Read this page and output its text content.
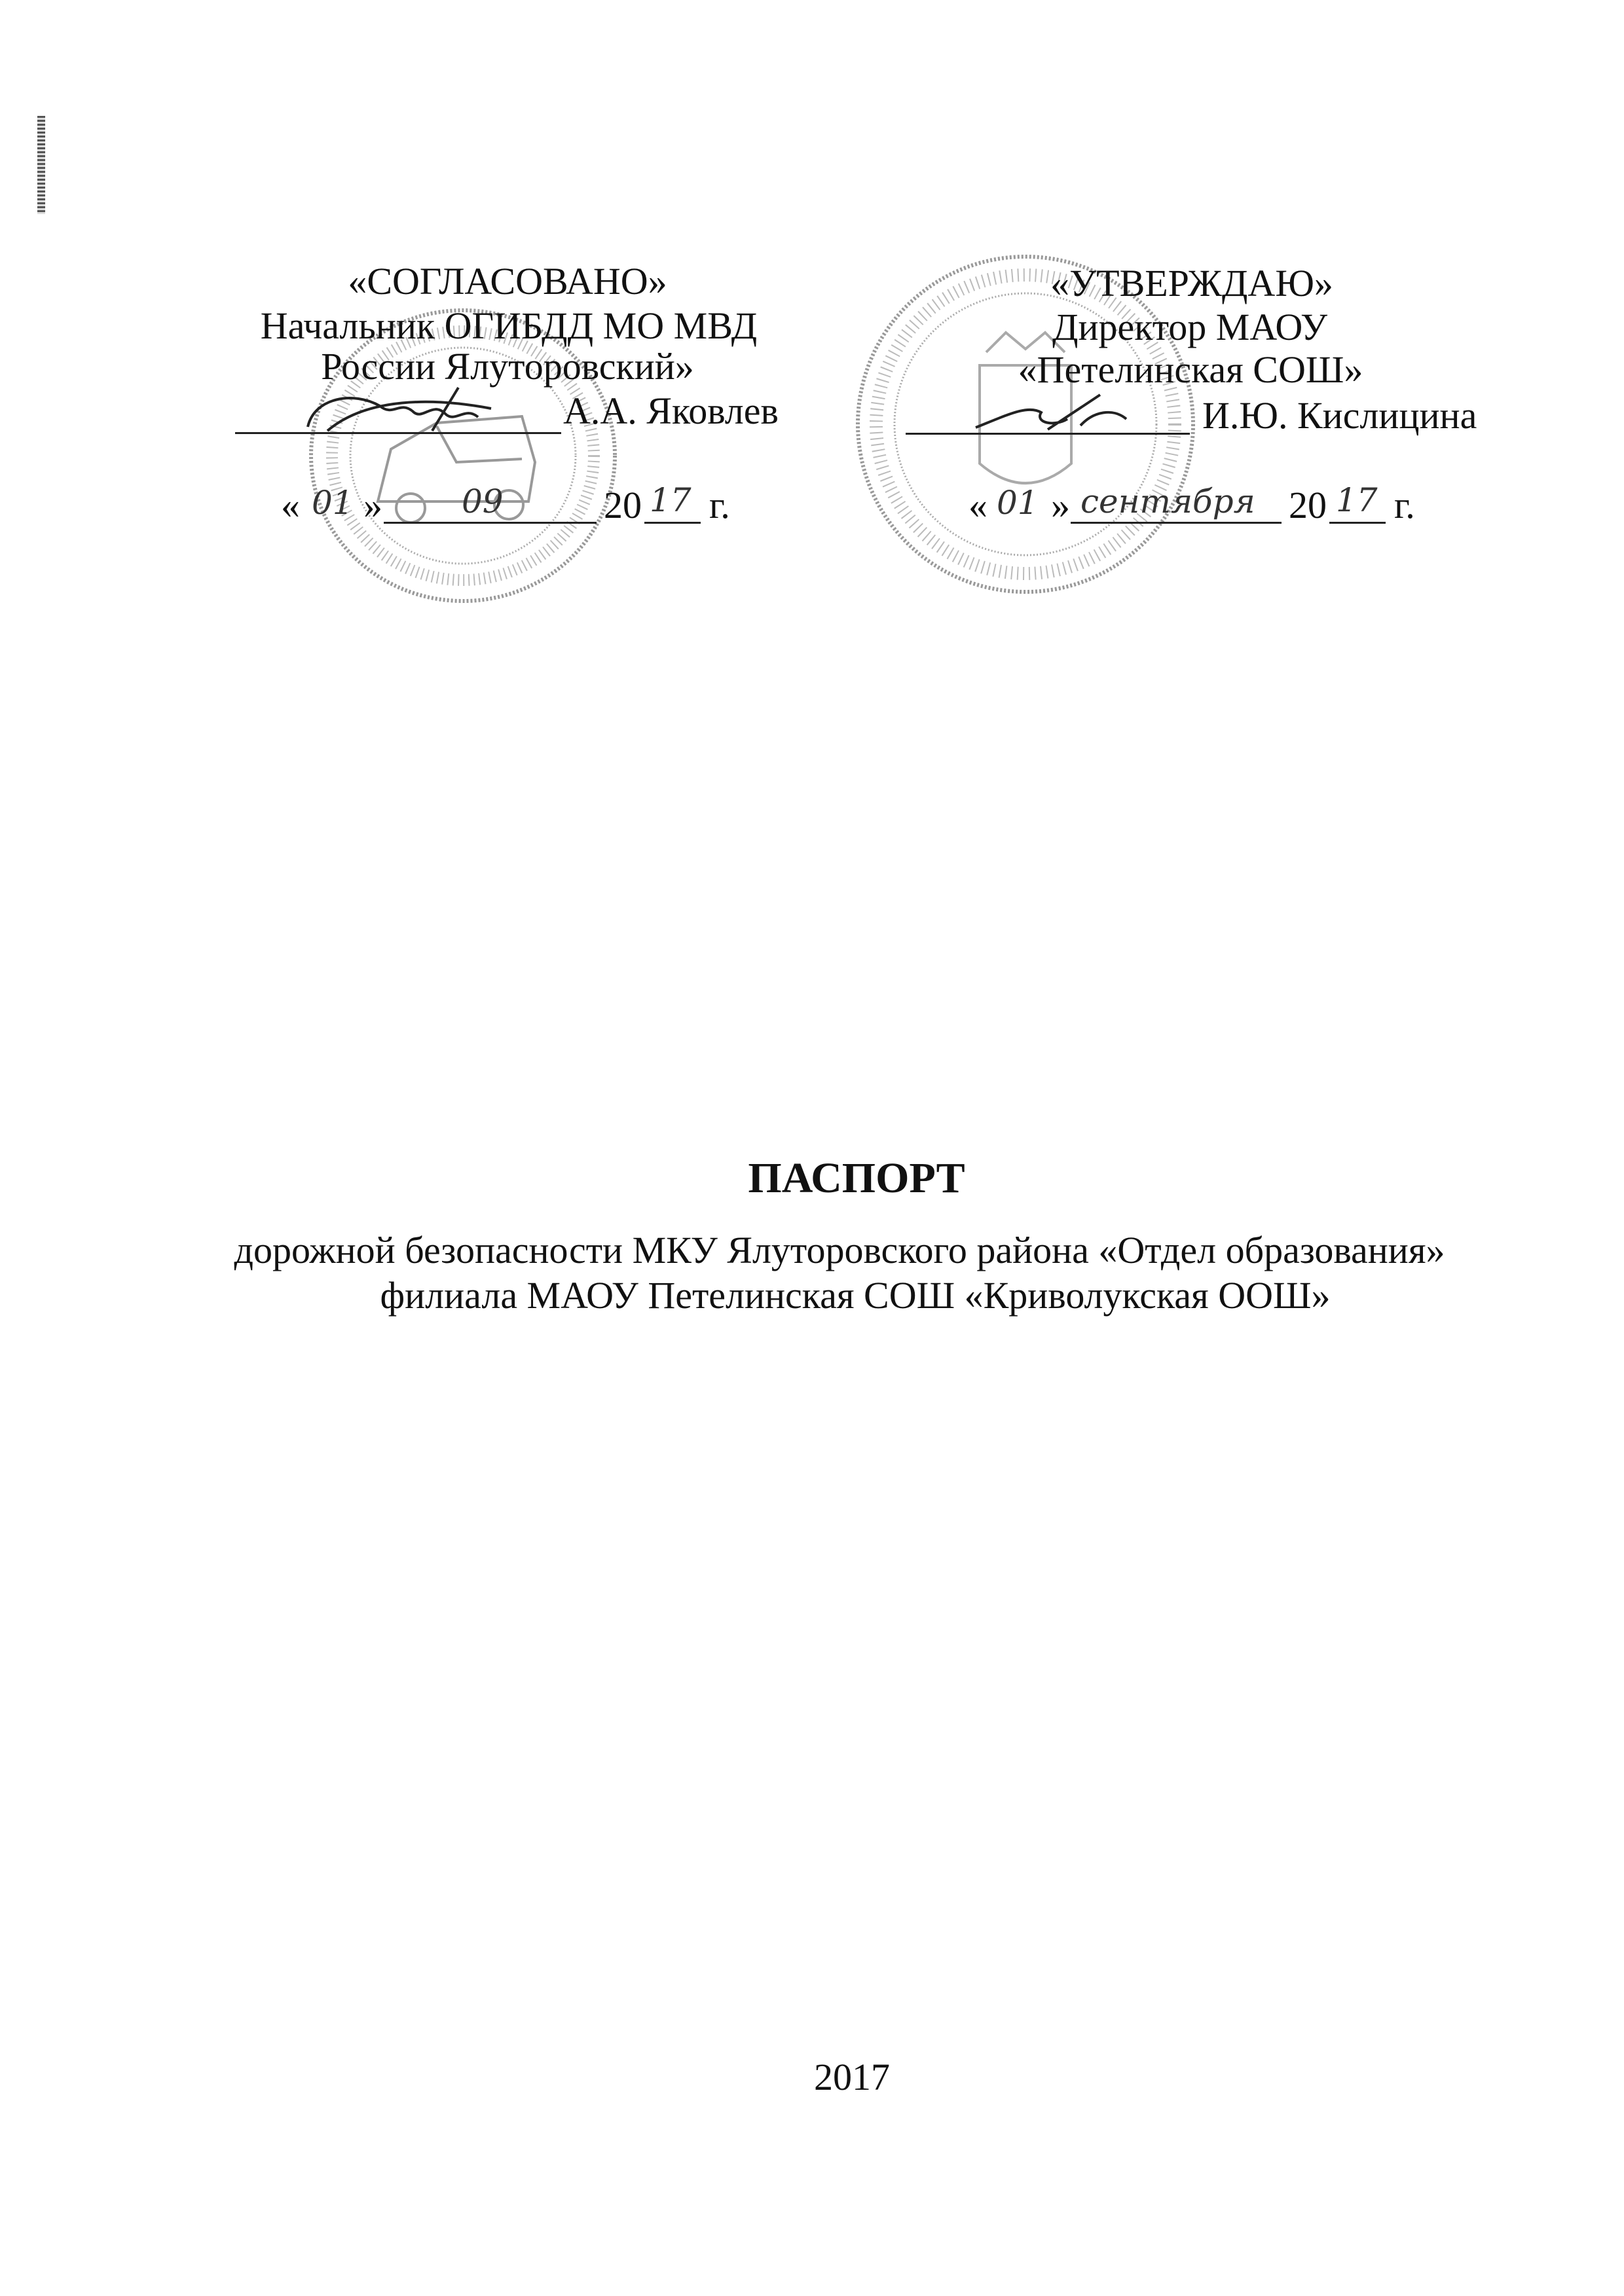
«СОГЛАСОВАНО»
Начальник ОГИБДД МО МВД
России Ялуторовский»
А.А. Яковлев
« 01 » 09	20 17 г.
«УТВЕРЖДАЮ»
Директор МАОУ
«Петелинская СОШ»
И.Ю. Кислицина
« 01 » сентября 20 17 г.
ПАСПОРТ
дорожной безопасности МКУ Ялуторовского района «Отдел образования»
филиала МАОУ Петелинская СОШ «Криволукская ООШ»
2017
